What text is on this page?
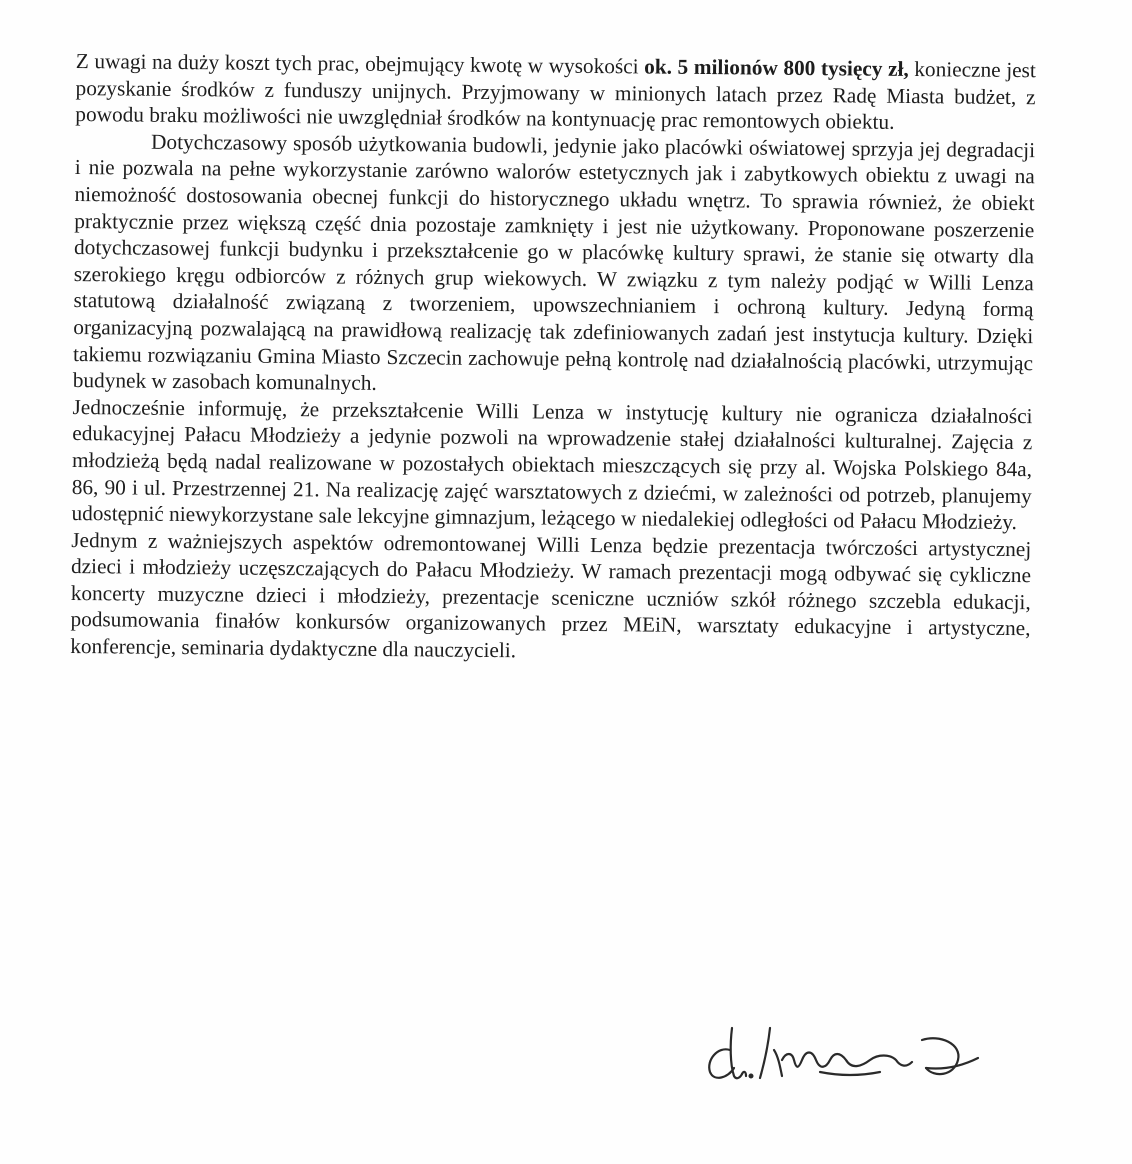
Z uwagi na duży koszt tych prac, obejmujący kwotę w wysokości ok. 5 milionów 800 tysięcy zł, konieczne jest pozyskanie środków z funduszy unijnych. Przyjmowany w minionych latach przez Radę Miasta budżet, z powodu braku możliwości nie uwzględniał środków na kontynuację prac remontowych obiektu.

Dotychczasowy sposób użytkowania budowli, jedynie jako placówki oświatowej sprzyja jej degradacji i nie pozwala na pełne wykorzystanie zarówno walorów estetycznych jak i zabytkowych obiektu z uwagi na niemożność dostosowania obecnej funkcji do historycznego układu wnętrz. To sprawia również, że obiekt praktycznie przez większą część dnia pozostaje zamknięty i jest nie użytkowany. Proponowane poszerzenie dotychczasowej funkcji budynku i przekształcenie go w placówkę kultury sprawi, że stanie się otwarty dla szerokiego kręgu odbiorców z różnych grup wiekowych. W związku z tym należy podjąć w Willi Lenza statutową działalność związaną z tworzeniem, upowszechnianiem i ochroną kultury. Jedyną formą organizacyjną pozwalającą na prawidłową realizację tak zdefiniowanych zadań jest instytucja kultury. Dzięki takiemu rozwiązaniu Gmina Miasto Szczecin zachowuje pełną kontrolę nad działalnością placówki, utrzymując budynek w zasobach komunalnych.

Jednocześnie informuję, że przekształcenie Willi Lenza w instytucję kultury nie ogranicza działalności edukacyjnej Pałacu Młodzieży a jedynie pozwoli na wprowadzenie stałej działalności kulturalnej. Zajęcia z młodzieżą będą nadal realizowane w pozostałych obiektach mieszczących się przy al. Wojska Polskiego 84a, 86, 90 i ul. Przestrzennej 21. Na realizację zajęć warsztatowych z dziećmi, w zależności od potrzeb, planujemy udostępnić niewykorzystane sale lekcyjne gimnazjum, leżącego w niedalekiej odległości od Pałacu Młodzieży.

Jednym z ważniejszych aspektów odremontowanej Willi Lenza będzie prezentacja twórczości artystycznej dzieci i młodzieży uczęszczających do Pałacu Młodzieży. W ramach prezentacji mogą odbywać się cykliczne koncerty muzyczne dzieci i młodzieży, prezentacje sceniczne uczniów szkół różnego szczebla edukacji, podsumowania finałów konkursów organizowanych przez MEiN, warsztaty edukacyjne i artystyczne, konferencje, seminaria dydaktyczne dla nauczycieli.
